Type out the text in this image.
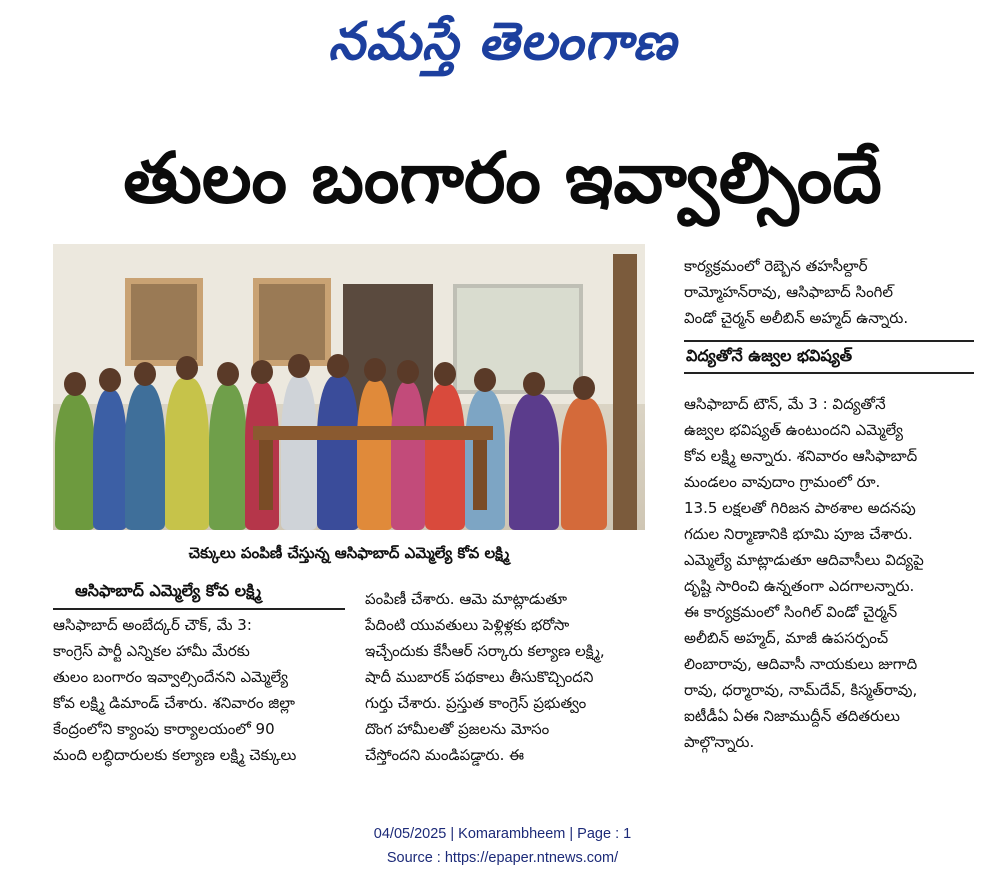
నమస్తే తెలంగాణ
తులం బంగారం ఇవ్వాల్సిందే
చెక్కులు పంపిణీ చేస్తున్న ఆసిఫాబాద్ ఎమ్మెల్యే కోవ లక్ష్మి
ఆసిఫాబాద్ ఎమ్మెల్యే కోవ లక్ష్మి

ఆసిఫాబాద్ అంబేద్కర్ చౌక్, మే 3:

కాంగ్రెస్ పార్టీ ఎన్నికల హామీ మేరకు

తులం బంగారం ఇవ్వాల్సిందేనని ఎమ్మెల్యే

కోవ లక్ష్మి డిమాండ్ చేశారు. శనివారం జిల్లా

కేంద్రంలోని క్యాంపు కార్యాలయంలో 90

మంది లబ్ధిదారులకు కల్యాణ లక్ష్మి చెక్కులు

పంపిణీ చేశారు. ఆమె మాట్లాడుతూ

పేదింటి యువతులు పెళ్లిళ్లకు భరోసా

ఇచ్చేందుకు కేసీఆర్ సర్కారు కల్యాణ లక్ష్మి,

షాదీ ముబారక్ పథకాలు తీసుకొచ్చిందని

గుర్తు చేశారు. ప్రస్తుత కాంగ్రెస్ ప్రభుత్వం

దొంగ హామీలతో ప్రజలను మోసం

చేస్తోందని మండిపడ్డారు. ఈ

కార్యక్రమంలో రెబ్బెన తహసీల్దార్

రామ్మోహన్‌రావు, ఆసిఫాబాద్ సింగిల్

విండో చైర్మన్ అలీబిన్ అహ్మద్ ఉన్నారు.

విద్యతోనే ఉజ్వల భవిష్యత్

ఆసిఫాబాద్ టౌన్, మే 3 : విద్యతోనే

ఉజ్వల భవిష్యత్ ఉంటుందని ఎమ్మెల్యే

కోవ లక్ష్మి అన్నారు. శనివారం ఆసిఫాబాద్

మండలం వావుదాం గ్రామంలో రూ.

13.5 లక్షలతో గిరిజన పాఠశాల అదనపు

గదుల నిర్మాణానికి భూమి పూజ చేశారు.

ఎమ్మెల్యే మాట్లాడుతూ ఆదివాసీలు విద్యపై

దృష్టి సారించి ఉన్నతంగా ఎదగాలన్నారు.

ఈ కార్యక్రమంలో సింగిల్ విండో చైర్మన్

అలీబిన్ అహ్మద్, మాజీ ఉపసర్పంచ్

లింబారావు, ఆదివాసీ నాయకులు జుగాది

రావు, ధర్మారావు, నామ్‌దేవ్, కిస్మత్‌రావు,

ఐటీడీఏ ఏఈ నిజాముద్దీన్ తదితరులు

పాల్గొన్నారు.

04/05/2025 | Komarambheem | Page : 1
Source : https://epaper.ntnews.com/
